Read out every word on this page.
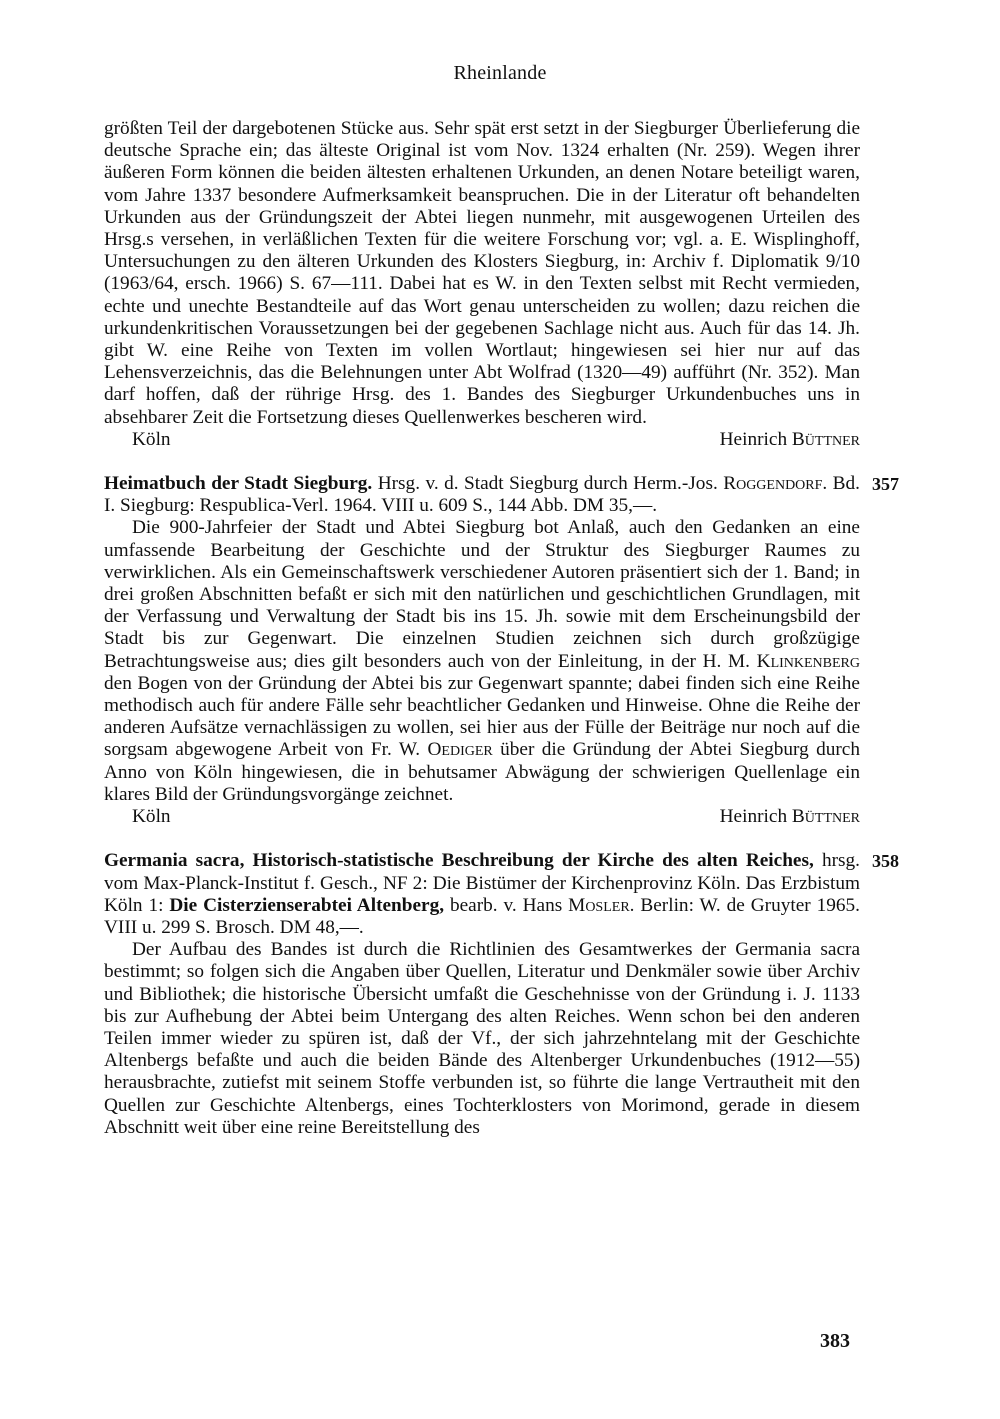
Rheinlande

größten Teil der dargebotenen Stücke aus. Sehr spät erst setzt in der Siegburger Überlieferung die deutsche Sprache ein; das älteste Original ist vom Nov. 1324 erhalten (Nr. 259). Wegen ihrer äußeren Form können die beiden ältesten erhaltenen Urkunden, an denen Notare beteiligt waren, vom Jahre 1337 besondere Aufmerksamkeit beanspruchen. Die in der Literatur oft behandelten Urkunden aus der Gründungszeit der Abtei liegen nunmehr, mit ausgewogenen Urteilen des Hrsg.s versehen, in verläßlichen Texten für die weitere Forschung vor; vgl. a. E. Wisplinghoff, Untersuchungen zu den älteren Urkunden des Klosters Siegburg, in: Archiv f. Diplomatik 9/10 (1963/64, ersch. 1966) S. 67—111. Dabei hat es W. in den Texten selbst mit Recht vermieden, echte und unechte Bestandteile auf das Wort genau unterscheiden zu wollen; dazu reichen die urkundenkritischen Voraussetzungen bei der gegebenen Sachlage nicht aus. Auch für das 14. Jh. gibt W. eine Reihe von Texten im vollen Wortlaut; hingewiesen sei hier nur auf das Lehensverzeichnis, das die Belehnungen unter Abt Wolfrad (1320—49) aufführt (Nr. 352). Man darf hoffen, daß der rührige Hrsg. des 1. Bandes des Siegburger Urkundenbuches uns in absehbarer Zeit die Fortsetzung dieses Quellenwerkes bescheren wird.

Köln	Heinrich Büttner
357

Heimatbuch der Stadt Siegburg. Hrsg. v. d. Stadt Siegburg durch Herm.-Jos. Roggendorf. Bd. I. Siegburg: Respublica-Verl. 1964. VIII u. 609 S., 144 Abb. DM 35,—.

Die 900-Jahrfeier der Stadt und Abtei Siegburg bot Anlaß, auch den Gedanken an eine umfassende Bearbeitung der Geschichte und der Struktur des Siegburger Raumes zu verwirklichen. Als ein Gemeinschaftswerk verschiedener Autoren präsentiert sich der 1. Band; in drei großen Abschnitten befaßt er sich mit den natürlichen und geschichtlichen Grundlagen, mit der Verfassung und Verwaltung der Stadt bis ins 15. Jh. sowie mit dem Erscheinungsbild der Stadt bis zur Gegenwart. Die einzelnen Studien zeichnen sich durch großzügige Betrachtungsweise aus; dies gilt besonders auch von der Einleitung, in der H. M. Klinkenberg den Bogen von der Gründung der Abtei bis zur Gegenwart spannte; dabei finden sich eine Reihe methodisch auch für andere Fälle sehr beachtlicher Gedanken und Hinweise. Ohne die Reihe der anderen Aufsätze vernachlässigen zu wollen, sei hier aus der Fülle der Beiträge nur noch auf die sorgsam abgewogene Arbeit von Fr. W. Oediger über die Gründung der Abtei Siegburg durch Anno von Köln hingewiesen, die in behutsamer Abwägung der schwierigen Quellenlage ein klares Bild der Gründungsvorgänge zeichnet.

Köln	Heinrich Büttner
358

Germania sacra, Historisch-statistische Beschreibung der Kirche des alten Reiches, hrsg. vom Max-Planck-Institut f. Gesch., NF 2: Die Bistümer der Kirchenprovinz Köln. Das Erzbistum Köln 1: Die Cisterzienserabtei Altenberg, bearb. v. Hans Mosler. Berlin: W. de Gruyter 1965. VIII u. 299 S. Brosch. DM 48,—.

Der Aufbau des Bandes ist durch die Richtlinien des Gesamtwerkes der Germania sacra bestimmt; so folgen sich die Angaben über Quellen, Literatur und Denkmäler sowie über Archiv und Bibliothek; die historische Übersicht umfaßt die Geschehnisse von der Gründung i. J. 1133 bis zur Aufhebung der Abtei beim Untergang des alten Reiches. Wenn schon bei den anderen Teilen immer wieder zu spüren ist, daß der Vf., der sich jahrzehntelang mit der Geschichte Altenbergs befaßte und auch die beiden Bände des Altenberger Urkundenbuches (1912—55) herausbrachte, zutiefst mit seinem Stoffe verbunden ist, so führte die lange Vertrautheit mit den Quellen zur Geschichte Altenbergs, eines Tochterklosters von Morimond, gerade in diesem Abschnitt weit über eine reine Bereitstellung des

383
